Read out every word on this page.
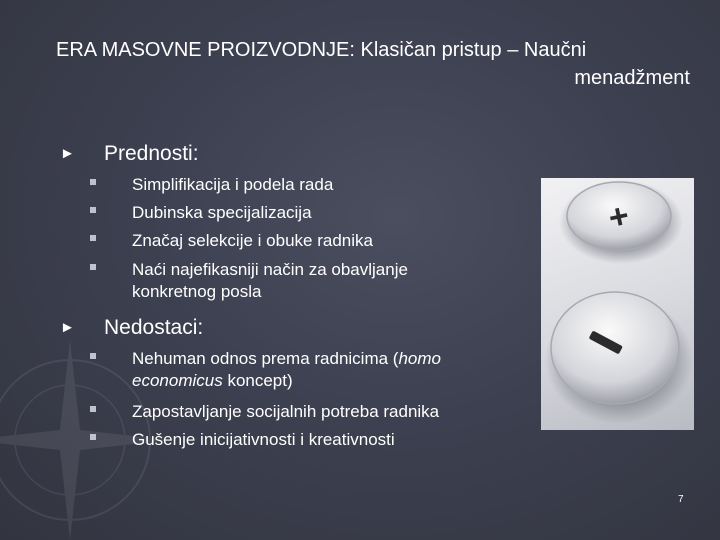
ERA MASOVNE PROIZVODNJE: Klasičan pristup – Naučni
menadžment
► Prednosti:
Simplifikacija i podela rada
Dubinska specijalizacija
Značaj selekcije i obuke radnika
Naći najefikasniji način za obavljanje konkretnog posla
► Nedostaci:
Nehuman odnos prema radnicima (homo economicus koncept)
Zapostavljanje socijalnih potreba radnika
Gušenje inicijativnosti i kreativnosti
+
7
